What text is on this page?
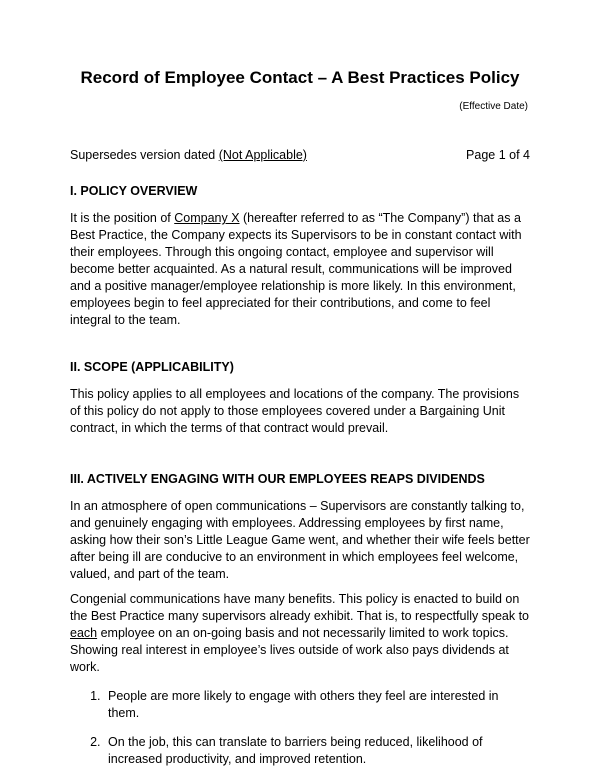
Record of Employee Contact – A Best Practices Policy
(Effective Date)
Supersedes version dated (Not Applicable)	Page 1 of 4
I. POLICY OVERVIEW

It is the position of Company X (hereafter referred to as “The Company”) that as a Best Practice, the Company expects its Supervisors to be in constant contact with their employees. Through this ongoing contact, employee and supervisor will become better acquainted. As a natural result, communications will be improved and a positive manager/employee relationship is more likely. In this environment, employees begin to feel appreciated for their contributions, and come to feel integral to the team.

II. SCOPE (APPLICABILITY)

This policy applies to all employees and locations of the company. The provisions of this policy do not apply to those employees covered under a Bargaining Unit contract, in which the terms of that contract would prevail.

III. ACTIVELY ENGAGING WITH OUR EMPLOYEES REAPS DIVIDENDS

In an atmosphere of open communications – Supervisors are constantly talking to, and genuinely engaging with employees. Addressing employees by first name, asking how their son’s Little League Game went, and whether their wife feels better after being ill are conducive to an environment in which employees feel welcome, valued, and part of the team.

Congenial communications have many benefits. This policy is enacted to build on the Best Practice many supervisors already exhibit. That is, to respectfully speak to each employee on an on-going basis and not necessarily limited to work topics. Showing real interest in employee’s lives outside of work also pays dividends at work.

1. People are more likely to engage with others they feel are interested in them.
2. On the job, this can translate to barriers being reduced, likelihood of increased productivity, and improved retention.
